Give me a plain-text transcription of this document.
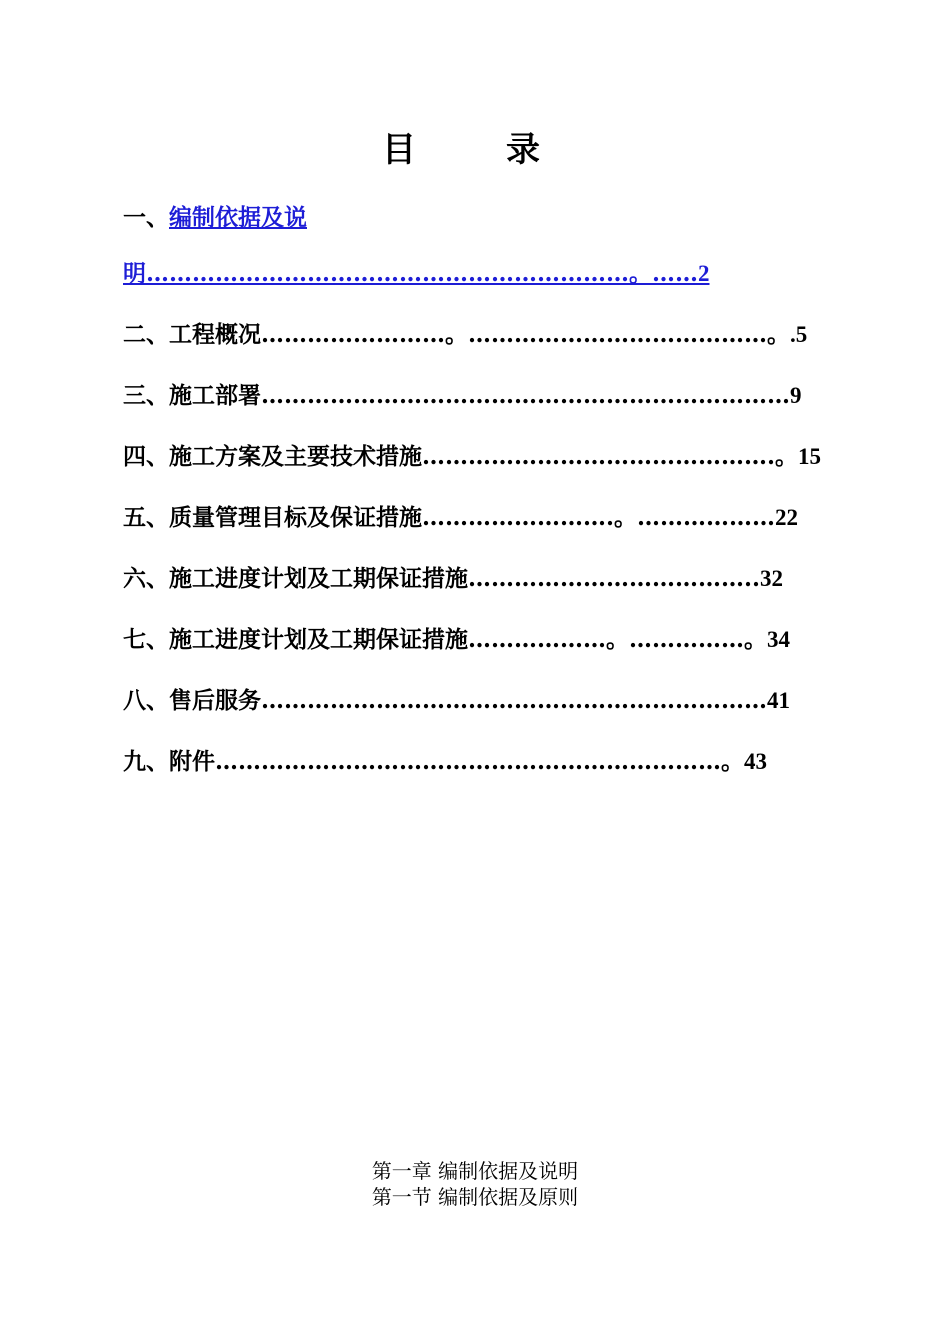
目　录
一、编制依据及说明………………………………………………………。……2
二、工程概况……………………。…………………………………。.5
三、施工部署……………………………………………………………9
四、施工方案及主要技术措施……………………………………….。15
五、质量管理目标及保证措施…………………….。………………22
六、施工进度计划及工期保证措施………………………………..32
七、施工进度计划及工期保证措施………………。……………。34
八、售后服务…………………………………………………………41
九、附件…………………………………………………………。43
第一章 编制依据及说明
第一节 编制依据及原则
